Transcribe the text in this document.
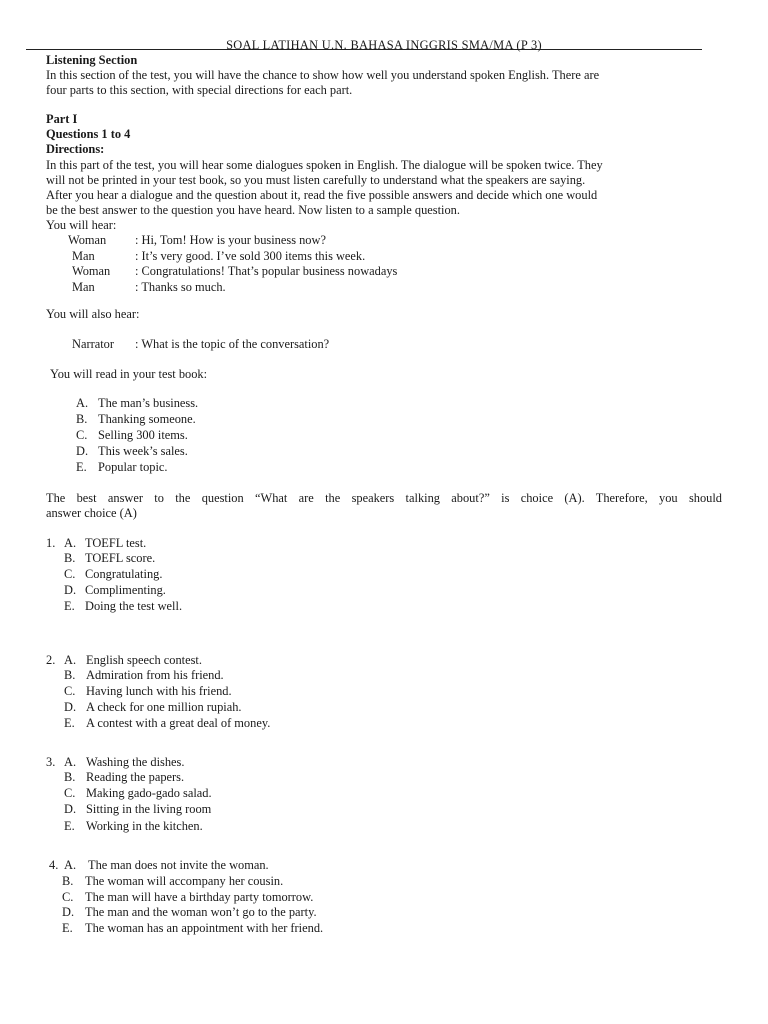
SOAL LATIHAN U.N. BAHASA INGGRIS SMA/MA (P 3)
Listening Section
In this section of the test, you will have the chance to show how well you understand spoken English. There are
four parts to this section, with special directions for each part.
Part I
Questions 1 to 4
Directions:
In this part of the test, you will hear some dialogues spoken in English. The dialogue will be spoken twice. They
will not be printed in your test book, so you must listen carefully to understand what the speakers are saying.
After you hear a dialogue and the question about it, read the five possible answers and decide which one would
be the best answer to the question you have heard. Now listen to a sample question.
You will hear:
Woman : Hi, Tom! How is your business now?
Man	: It’s very good. I’ve sold 300 items this week.
Woman : Congratulations! That’s popular business nowadays
Man	: Thanks so much.
You will also hear:
Narrator : What is the topic of the conversation?
You will read in your test book:
A. The man’s business.
B. Thanking someone.
C. Selling 300 items.
D. This week’s sales.
E. Popular topic.
The best answer to the question “What are the speakers talking about?” is choice (A). Therefore, you should
answer choice (A)
1. A. TOEFL test.
B. TOEFL score.
C. Congratulating.
D. Complimenting.
E. Doing the test well.
2. A. English speech contest.
B. Admiration from his friend.
C. Having lunch with his friend.
D. A check for one million rupiah.
E. A contest with a great deal of money.
3. A. Washing the dishes.
B. Reading the papers.
C. Making gado-gado salad.
D. Sitting in the living room
E. Working in the kitchen.
4. A. The man does not invite the woman.
B. The woman will accompany her cousin.
C. The man will have a birthday party tomorrow.
D. The man and the woman won’t go to the party.
E. The woman has an appointment with her friend.
